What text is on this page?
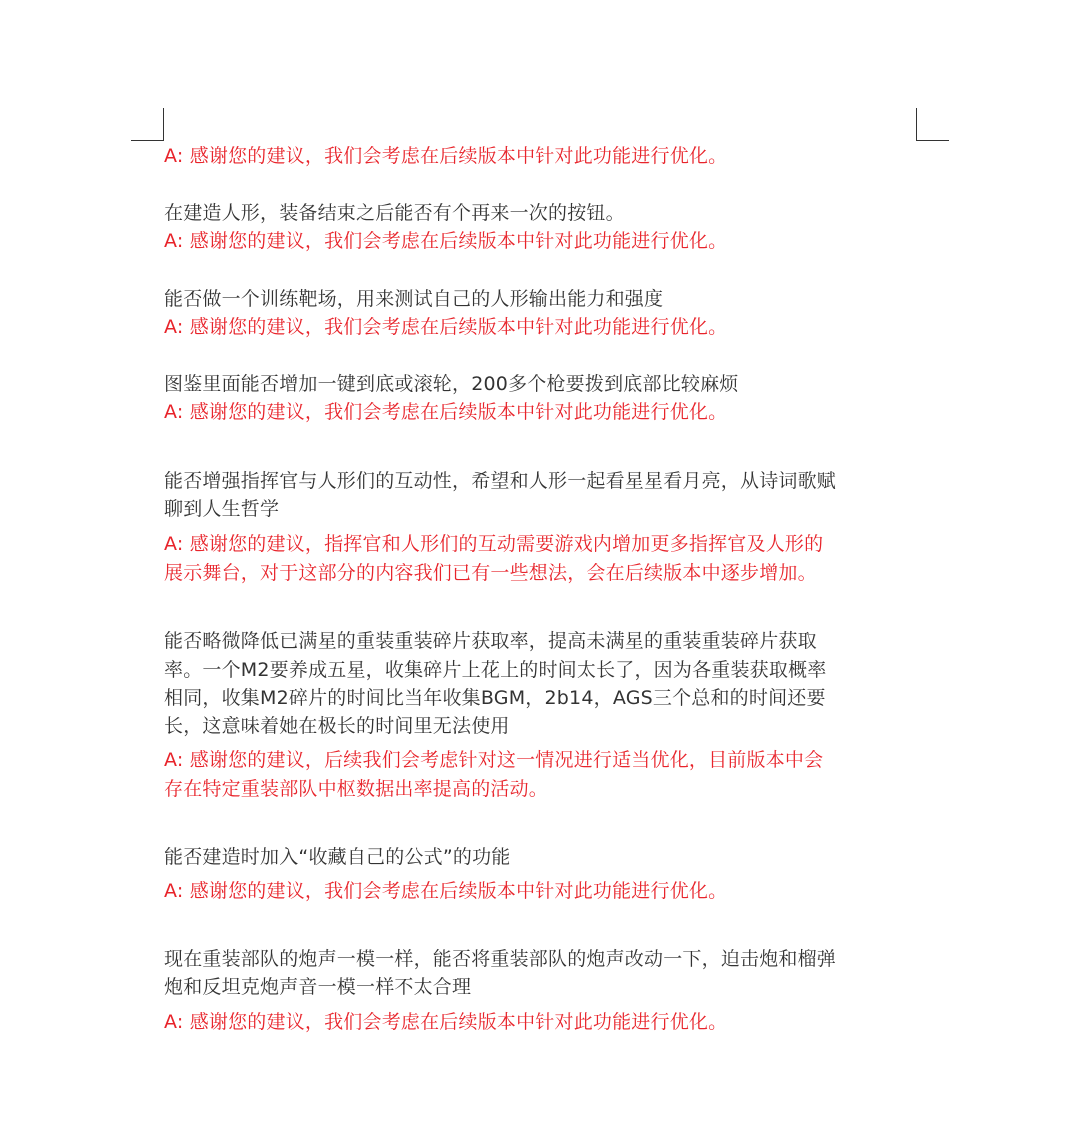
A: 感谢您的建议，我们会考虑在后续版本中针对此功能进行优化。
在建造人形，装备结束之后能否有个再来一次的按钮。
A: 感谢您的建议，我们会考虑在后续版本中针对此功能进行优化。
能否做一个训练靶场，用来测试自己的人形输出能力和强度
A: 感谢您的建议，我们会考虑在后续版本中针对此功能进行优化。
图鉴里面能否增加一键到底或滚轮，200多个枪要拨到底部比较麻烦
A: 感谢您的建议，我们会考虑在后续版本中针对此功能进行优化。
能否增强指挥官与人形们的互动性，希望和人形一起看星星看月亮，从诗词歌赋
聊到人生哲学
A: 感谢您的建议，指挥官和人形们的互动需要游戏内增加更多指挥官及人形的
展示舞台，对于这部分的内容我们已有一些想法，会在后续版本中逐步增加。
能否略微降低已满星的重装重装碎片获取率，提高未满星的重装重装碎片获取
率。一个M2要养成五星，收集碎片上花上的时间太长了，因为各重装获取概率
相同，收集M2碎片的时间比当年收集BGM，2b14，AGS三个总和的时间还要
长，这意味着她在极长的时间里无法使用
A: 感谢您的建议，后续我们会考虑针对这一情况进行适当优化，目前版本中会
存在特定重装部队中枢数据出率提高的活动。
能否建造时加入“收藏自己的公式”的功能
A: 感谢您的建议，我们会考虑在后续版本中针对此功能进行优化。
现在重装部队的炮声一模一样，能否将重装部队的炮声改动一下，迫击炮和榴弹
炮和反坦克炮声音一模一样不太合理
A: 感谢您的建议，我们会考虑在后续版本中针对此功能进行优化。
